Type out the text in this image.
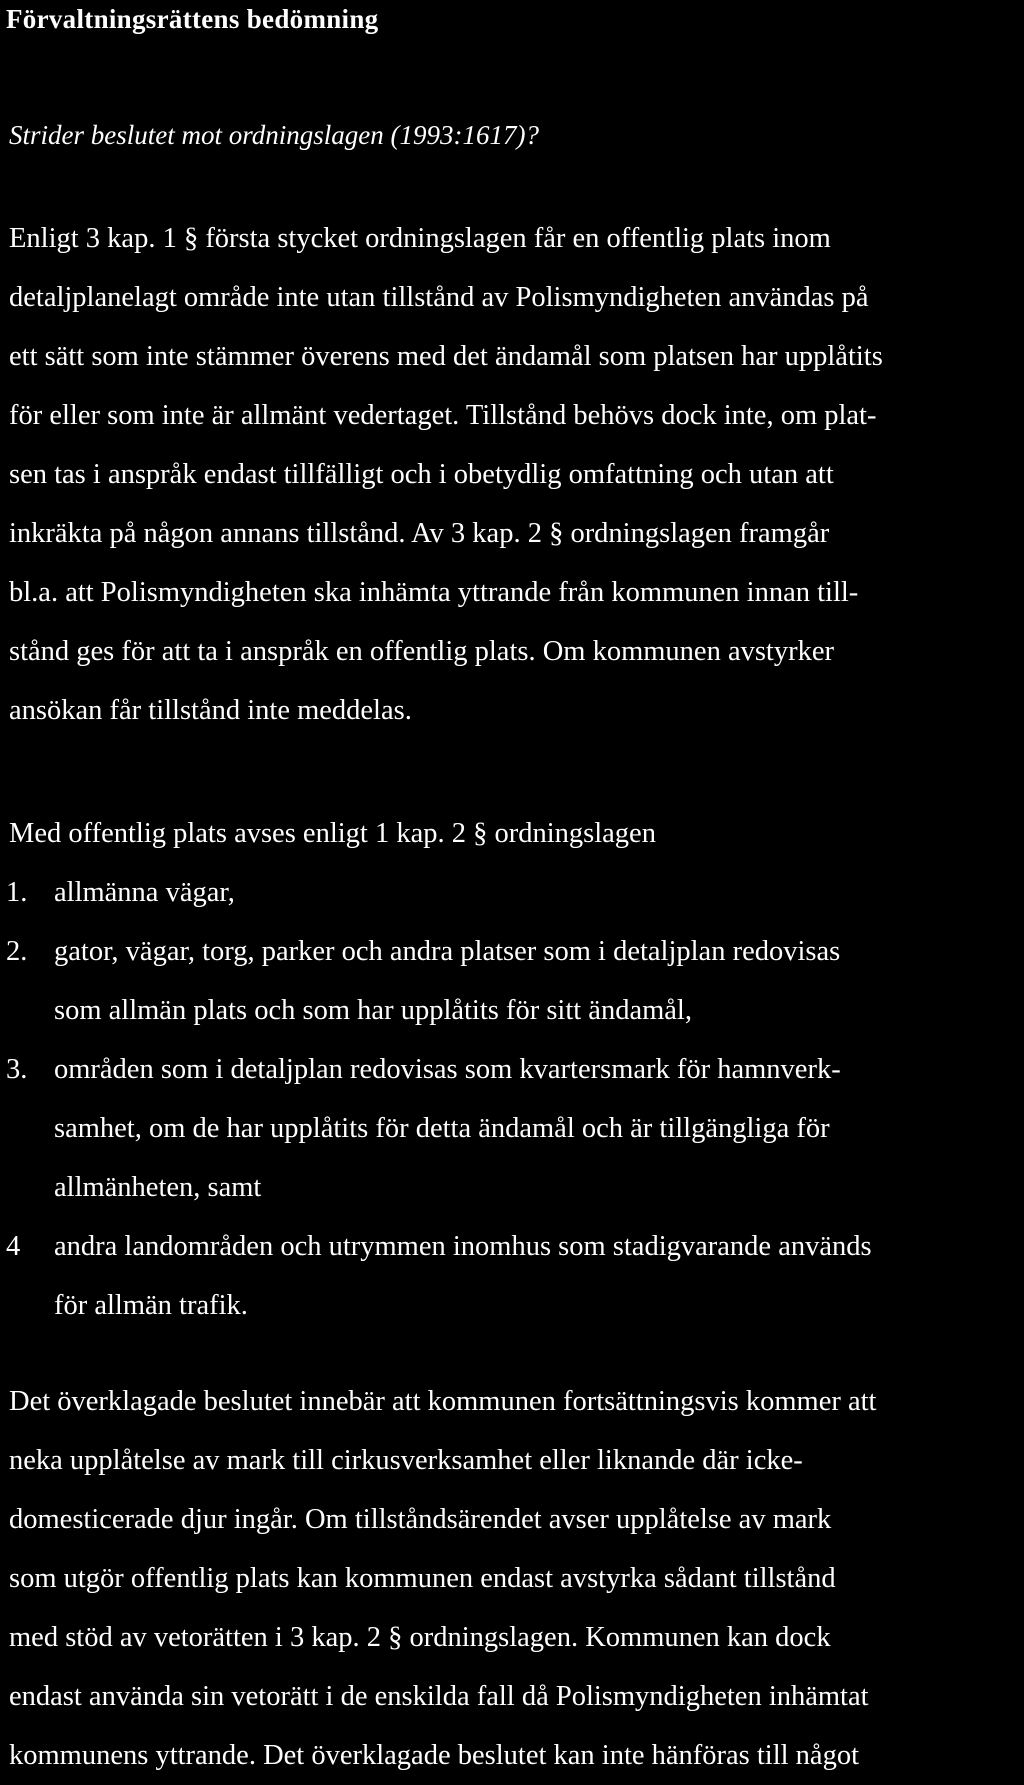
Förvaltningsrättens bedömning
Strider beslutet mot ordningslagen (1993:1617)?
Enligt 3 kap. 1 § första stycket ordningslagen får en offentlig plats inom
detaljplanelagt område inte utan tillstånd av Polismyndigheten användas på
ett sätt som inte stämmer överens med det ändamål som platsen har upplåtits
för eller som inte är allmänt vedertaget. Tillstånd behövs dock inte, om plat-
sen tas i anspråk endast tillfälligt och i obetydlig omfattning och utan att
inkräkta på någon annans tillstånd. Av 3 kap. 2 § ordningslagen framgår
bl.a. att Polismyndigheten ska inhämta yttrande från kommunen innan till-
stånd ges för att ta i anspråk en offentlig plats. Om kommunen avstyrker
ansökan får tillstånd inte meddelas.
Med offentlig plats avses enligt 1 kap. 2 § ordningslagen
1. allmänna vägar,
2. gator, vägar, torg, parker och andra platser som i detaljplan redovisas
som allmän plats och som har upplåtits för sitt ändamål,
3. områden som i detaljplan redovisas som kvartersmark för hamnverk-
samhet, om de har upplåtits för detta ändamål och är tillgängliga för
allmänheten, samt
4 andra landområden och utrymmen inomhus som stadigvarande används
för allmän trafik.
Det överklagade beslutet innebär att kommunen fortsättningsvis kommer att
neka upplåtelse av mark till cirkusverksamhet eller liknande där icke-
domesticerade djur ingår. Om tillståndsärendet avser upplåtelse av mark
som utgör offentlig plats kan kommunen endast avstyrka sådant tillstånd
med stöd av vetorätten i 3 kap. 2 § ordningslagen. Kommunen kan dock
endast använda sin vetorätt i de enskilda fall då Polismyndigheten inhämtat
kommunens yttrande. Det överklagade beslutet kan inte hänföras till något
